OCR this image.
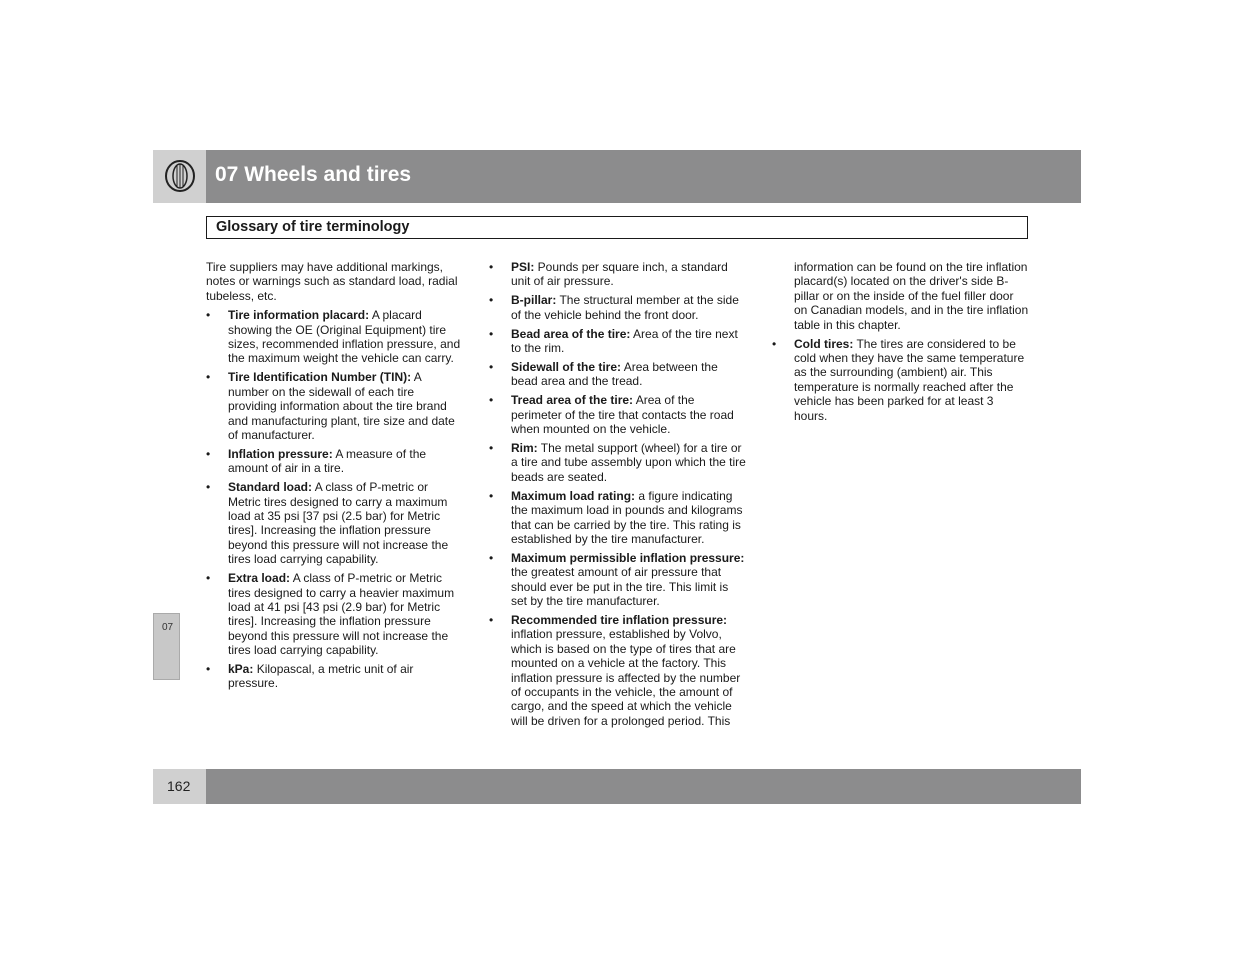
07 Wheels and tires
Glossary of tire terminology

Tire suppliers may have additional markings, notes or warnings such as standard load, radial tubeless, etc.

• Tire information placard: A placard showing the OE (Original Equipment) tire sizes, recommended inflation pressure, and the maximum weight the vehicle can carry.
• Tire Identification Number (TIN): A number on the sidewall of each tire providing information about the tire brand and manufacturing plant, tire size and date of manufacturer.
• Inflation pressure: A measure of the amount of air in a tire.
• Standard load: A class of P-metric or Metric tires designed to carry a maximum load at 35 psi [37 psi (2.5 bar) for Metric tires]. Increasing the inflation pressure beyond this pressure will not increase the tires load carrying capability.
• Extra load: A class of P-metric or Metric tires designed to carry a heavier maximum load at 41 psi [43 psi (2.9 bar) for Metric tires]. Increasing the inflation pressure beyond this pressure will not increase the tires load carrying capability.
• kPa: Kilopascal, a metric unit of air pressure.
• PSI: Pounds per square inch, a standard unit of air pressure.
• B-pillar: The structural member at the side of the vehicle behind the front door.
• Bead area of the tire: Area of the tire next to the rim.
• Sidewall of the tire: Area between the bead area and the tread.
• Tread area of the tire: Area of the perimeter of the tire that contacts the road when mounted on the vehicle.
• Rim: The metal support (wheel) for a tire or a tire and tube assembly upon which the tire beads are seated.
• Maximum load rating: a figure indicating the maximum load in pounds and kilograms that can be carried by the tire. This rating is established by the tire manufacturer.
• Maximum permissible inflation pressure: the greatest amount of air pressure that should ever be put in the tire. This limit is set by the tire manufacturer.
• Recommended tire inflation pressure: inflation pressure, established by Volvo, which is based on the type of tires that are mounted on a vehicle at the factory. This inflation pressure is affected by the number of occupants in the vehicle, the amount of cargo, and the speed at which the vehicle will be driven for a prolonged period. This
information can be found on the tire inflation placard(s) located on the driver's side B-pillar or on the inside of the fuel filler door on Canadian models, and in the tire inflation table in this chapter.
• Cold tires: The tires are considered to be cold when they have the same temperature as the surrounding (ambient) air. This temperature is normally reached after the vehicle has been parked for at least 3 hours.
07
162
